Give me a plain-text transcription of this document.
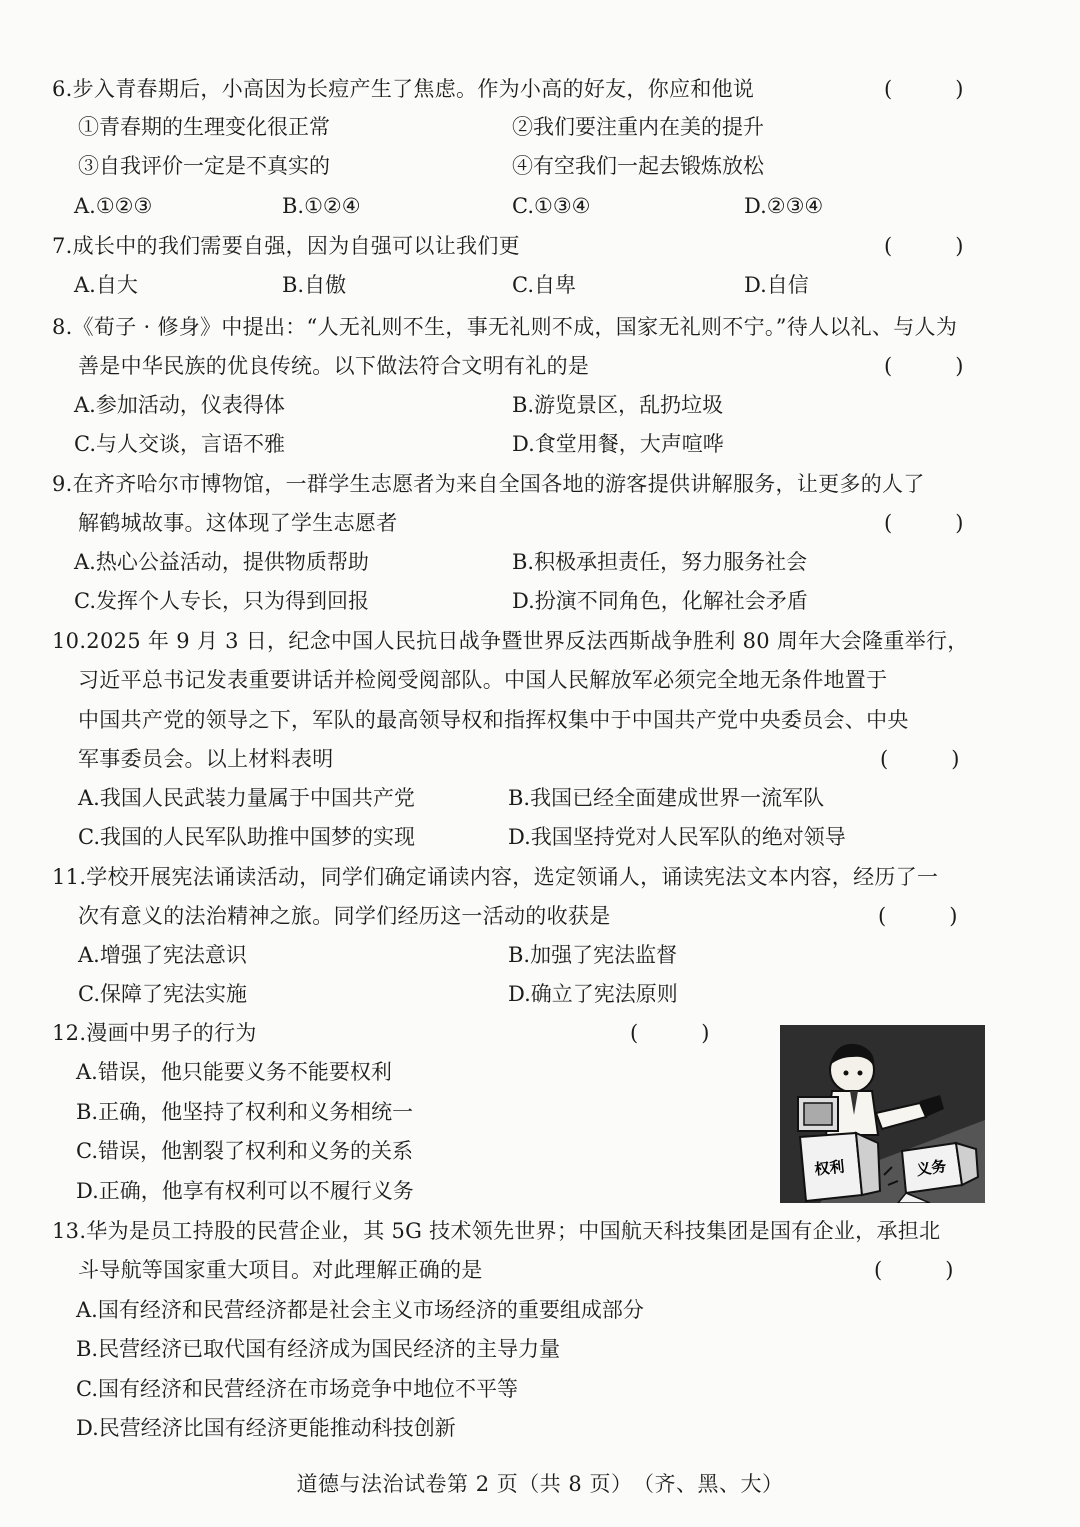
6.步入青春期后，小高因为长痘产生了焦虑。作为小高的好友，你应和他说	(　　　)
①青春期的生理变化很正常	②我们要注重内在美的提升
③自我评价一定是不真实的	④有空我们一起去锻炼放松
A.①②③	B.①②④	C.①③④	D.②③④
7.成长中的我们需要自强，因为自强可以让我们更	(　　　)
A.自大	B.自傲	C.自卑	D.自信
8.《荀子 · 修身》中提出：“人无礼则不生，事无礼则不成，国家无礼则不宁。”待人以礼、与人为
善是中华民族的优良传统。以下做法符合文明有礼的是	(　　　)
A.参加活动，仪表得体	B.游览景区，乱扔垃圾
C.与人交谈，言语不雅	D.食堂用餐，大声喧哗
9.在齐齐哈尔市博物馆，一群学生志愿者为来自全国各地的游客提供讲解服务，让更多的人了
解鹤城故事。这体现了学生志愿者	(　　　)
A.热心公益活动，提供物质帮助	B.积极承担责任，努力服务社会
C.发挥个人专长，只为得到回报	D.扮演不同角色，化解社会矛盾
10.2025 年 9 月 3 日，纪念中国人民抗日战争暨世界反法西斯战争胜利 80 周年大会隆重举行，
习近平总书记发表重要讲话并检阅受阅部队。中国人民解放军必须完全地无条件地置于
中国共产党的领导之下，军队的最高领导权和指挥权集中于中国共产党中央委员会、中央
军事委员会。以上材料表明	(　　　)
A.我国人民武装力量属于中国共产党	B.我国已经全面建成世界一流军队
C.我国的人民军队助推中国梦的实现	D.我国坚持党对人民军队的绝对领导
11.学校开展宪法诵读活动，同学们确定诵读内容，选定领诵人，诵读宪法文本内容，经历了一
次有意义的法治精神之旅。同学们经历这一活动的收获是	(　　　)
A.增强了宪法意识	B.加强了宪法监督
C.保障了宪法实施	D.确立了宪法原则
12.漫画中男子的行为	(　　　)
A.错误，他只能要义务不能要权利
B.正确，他坚持了权利和义务相统一
C.错误，他割裂了权利和义务的关系
D.正确，他享有权利可以不履行义务
权利	义务
13.华为是员工持股的民营企业，其 5G 技术领先世界；中国航天科技集团是国有企业，承担北
斗导航等国家重大项目。对此理解正确的是	(　　　)
A.国有经济和民营经济都是社会主义市场经济的重要组成部分
B.民营经济已取代国有经济成为国民经济的主导力量
C.国有经济和民营经济在市场竞争中地位不平等
D.民营经济比国有经济更能推动科技创新
道德与法治试卷第 2 页（共 8 页）　（齐、黑、大）
